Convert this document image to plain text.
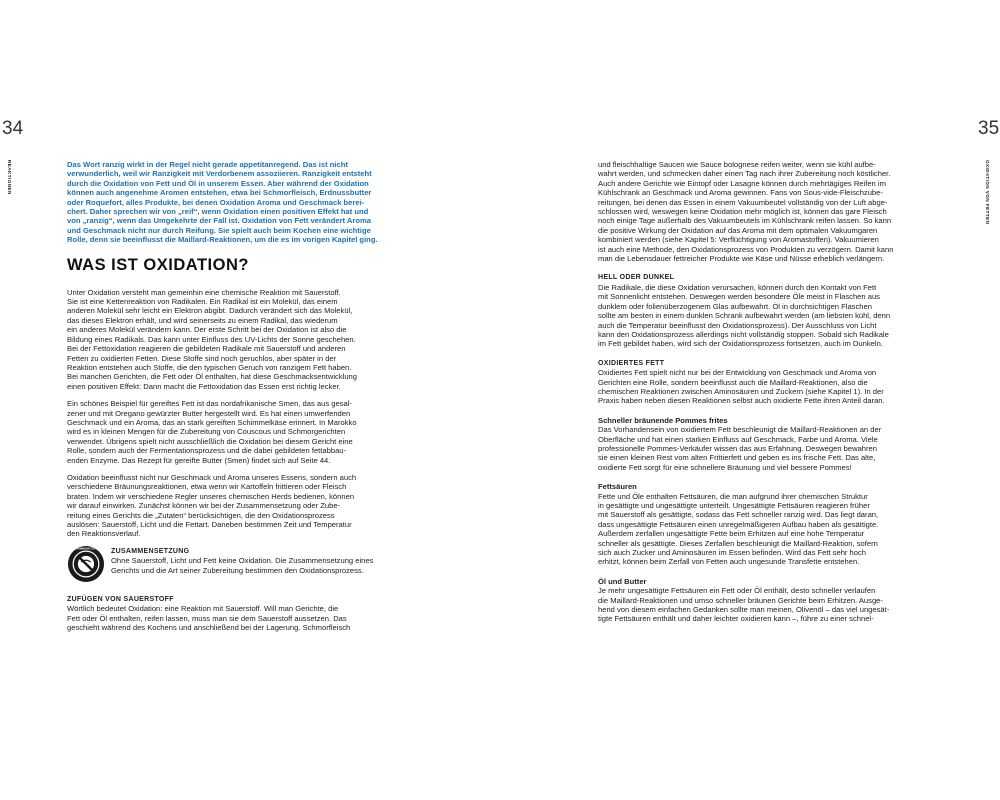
34
REAKTIONEN	Das Wort ranzig wirkt in der Regel nicht gerade appetitanregend. Das ist nicht
verwunderlich, weil wir Ranzigkeit mit Verdorbenem assoziieren. Ranzigkeit entsteht
durch die Oxidation von Fett und Öl in unserem Essen. Aber während der Oxidation
können auch angenehme Aromen entstehen, etwa bei Schmorfleisch, Erdnussbutter
oder Roquefort, alles Produkte, bei denen Oxidation Aroma und Geschmack berei-
chert. Daher sprechen wir von „reif“, wenn Oxidation einen positiven Effekt hat und
von „ranzig“, wenn das Umgekehrte der Fall ist. Oxidation von Fett verändert Aroma
und Geschmack nicht nur durch Reifung. Sie spielt auch beim Kochen eine wichtige
Rolle, denn sie beeinflusst die Maillard-Reaktionen, um die es im vorigen Kapitel ging.

WAS IST OXIDATION?

Unter Oxidation versteht man gemeinhin eine chemische Reaktion mit Sauerstoff.
Sie ist eine Kettenreaktion von Radikalen. Ein Radikal ist ein Molekül, das einem
anderen Molekül sehr leicht ein Elektron abgibt. Dadurch verändert sich das Molekül,
das dieses Elektron erhält, und wird seinerseits zu einem Radikal, das wiederum
ein anderes Molekül verändern kann. Der erste Schritt bei der Oxidation ist also die
Bildung eines Radikals. Das kann unter Einfluss des UV-Lichts der Sonne geschehen.
Bei der Fettoxidation reagieren die gebildeten Radikale mit Sauerstoff und anderen
Fetten zu oxidierten Fetten. Diese Stoffe sind noch geruchlos, aber später in der
Reaktion entstehen auch Stoffe, die den typischen Geruch von ranzigem Fett haben.
Bei manchen Gerichten, die Fett oder Öl enthalten, hat diese Geschmacksentwicklung
einen positiven Effekt: Dann macht die Fettoxidation das Essen erst richtig lecker.

Ein schönes Beispiel für gereiftes Fett ist das nordafrikanische Smen, das aus gesal-
zener und mit Oregano gewürzter Butter hergestellt wird. Es hat einen umwerfenden
Geschmack und ein Aroma, das an stark gereiften Schimmelkäse erinnert. In Marokko
wird es in kleinen Mengen für die Zubereitung von Couscous und Schmorgerichten
verwendet. Übrigens spielt nicht ausschließlich die Oxidation bei diesem Gericht eine
Rolle, sondern auch der Fermentationsprozess und die dabei gebildeten fettabbau-
enden Enzyme. Das Rezept für gereifte Butter (Smen) findet sich auf Seite 44.

Oxidation beeinflusst nicht nur Geschmack und Aroma unseres Essens, sondern auch
verschiedene Bräunungsreaktionen, etwa wenn wir Kartoffeln frittieren oder Fleisch
braten. Indem wir verschiedene Regler unseres chemischen Herds bedienen, können
wir darauf einwirken. Zunächst können wir bei der Zusammensetzung oder Zube-
reitung eines Gerichts die „Zutaten“ berücksichtigen, die den Oxidationsprozess
auslösen: Sauerstoff, Licht und die Fettart. Daneben bestimmen Zeit und Temperatur
den Reaktionsverlauf.

ZUSAMMENSETZUNG ZUSAMMENSETZUNG
Ohne Sauerstoff, Licht und Fett keine Oxidation. Die Zusammensetzung eines
Gerichts und die Art seiner Zubereitung bestimmen den Oxidationsprozess.
ZUFÜGEN VON SAUERSTOFF

Wörtlich bedeutet Oxidation: eine Reaktion mit Sauerstoff. Will man Gerichte, die
Fett oder Öl enthalten, reifen lassen, muss man sie dem Sauerstoff aussetzen. Das
geschieht während des Kochens und anschließend bei der Lagerung. Schmorfleisch

35
OXIDATION VON FETTEN

und fleischhaltige Saucen wie Sauce bolognese reifen weiter, wenn sie kühl aufbe-
wahrt werden, und schmecken daher einen Tag nach ihrer Zubereitung noch köstlicher.
Auch andere Gerichte wie Eintopf oder Lasagne können durch mehrtägiges Reifen im
Kühlschrank an Geschmack und Aroma gewinnen. Fans von Sous-vide-Fleischzube-
reitungen, bei denen das Essen in einem Vakuumbeutel vollständig von der Luft abge-
schlossen wird, weswegen keine Oxidation mehr möglich ist, können das gare Fleisch
noch einige Tage außerhalb des Vakuumbeutels im Kühlschrank reifen lassen. So kann
die positive Wirkung der Oxidation auf das Aroma mit dem optimalen Vakuumgaren
kombiniert werden (siehe Kapitel 5: Verflüchtigung von Aromastoffen). Vakuumieren
ist auch eine Methode, den Oxidationsprozess von Produkten zu verzögern. Damit kann
man die Lebensdauer fettreicher Produkte wie Käse und Nüsse erheblich verlängern.

HELL ODER DUNKEL

Die Radikale, die diese Oxidation verursachen, können durch den Kontakt von Fett
mit Sonnenlicht entstehen. Deswegen werden besondere Öle meist in Flaschen aus
dunklem oder folienüberzogenem Glas aufbewahrt. Öl in durchsichtigen Flaschen
sollte am besten in einem dunklen Schrank aufbewahrt werden (am liebsten kühl, denn
auch die Temperatur beeinflusst den Oxidationsprozess). Der Ausschluss von Licht
kann den Oxidationsprozess allerdings nicht vollständig stoppen. Sobald sich Radikale
im Fett gebildet haben, wird sich der Oxidationsprozess fortsetzen, auch im Dunkeln.

OXIDIERTES FETT

Oxidiertes Fett spielt nicht nur bei der Entwicklung von Geschmack und Aroma von
Gerichten eine Rolle, sondern beeinflusst auch die Maillard-Reaktionen, also die
chemischen Reaktionen zwischen Aminosäuren und Zuckern (siehe Kapitel 1). In der
Praxis haben neben diesen Reaktionen selbst auch oxidierte Fette ihren Anteil daran.

Schneller bräunende Pommes frites

Das Vorhandensein von oxidiertem Fett beschleunigt die Maillard-Reaktionen an der
Oberfläche und hat einen starken Einfluss auf Geschmack, Farbe und Aroma. Viele
professionelle Pommes-Verkäufer wissen das aus Erfahrung. Deswegen bewahren
sie einen kleinen Rest vom alten Frittierfett und geben es ins frische Fett. Das alte,
oxidierte Fett sorgt für eine schnellere Bräunung und viel bessere Pommes!

Fettsäuren

Fette und Öle enthalten Fettsäuren, die man aufgrund ihrer chemischen Struktur
in gesättigte und ungesättigte unterteilt. Ungesättigte Fettsäuren reagieren früher
mit Sauerstoff als gesättigte, sodass das Fett schneller ranzig wird. Das liegt daran,
dass ungesättigte Fettsäuren einen unregelmäßigeren Aufbau haben als gesättigte.
Außerdem zerfallen ungesättigte Fette beim Erhitzen auf eine hohe Temperatur
schneller als gesättigte. Dieses Zerfallen beschleunigt die Maillard-Reaktion, sofern
sich auch Zucker und Aminosäuren im Essen befinden. Wird das Fett sehr hoch
erhitzt, können beim Zerfall von Fetten auch ungesunde Transfette entstehen.

Öl und Butter

Je mehr ungesättigte Fettsäuren ein Fett oder Öl enthält, desto schneller verlaufen
die Maillard-Reaktionen und umso schneller bräunen Gerichte beim Erhitzen. Ausge-
hend von diesem einfachen Gedanken sollte man meinen, Olivenöl – das viel ungesät-
tigte Fettsäuren enthält und daher leichter oxidieren kann –, führe zu einer schnel-
